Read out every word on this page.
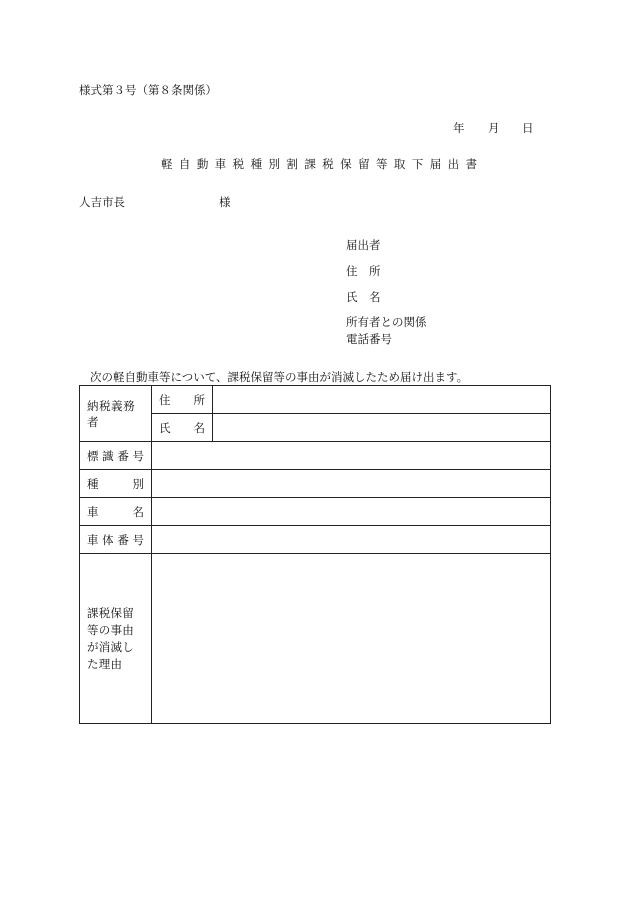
様式第３号（第８条関係）
年 月 日
軽 自 動 車 税 種 別 割 課 税 保 留 等 取 下 届 出 書
人吉市長	様
届出者
住　所
氏　名
所有者との関係
電話番号
次の軽自動車等について、課税保留等の事由が消滅したため届け出ます。
納税義務者	住 所	

	氏 名	

標 識 番 号		

種 別		

車 名		

車 体 番 号		

課税保留等の事由が消滅した理由		
